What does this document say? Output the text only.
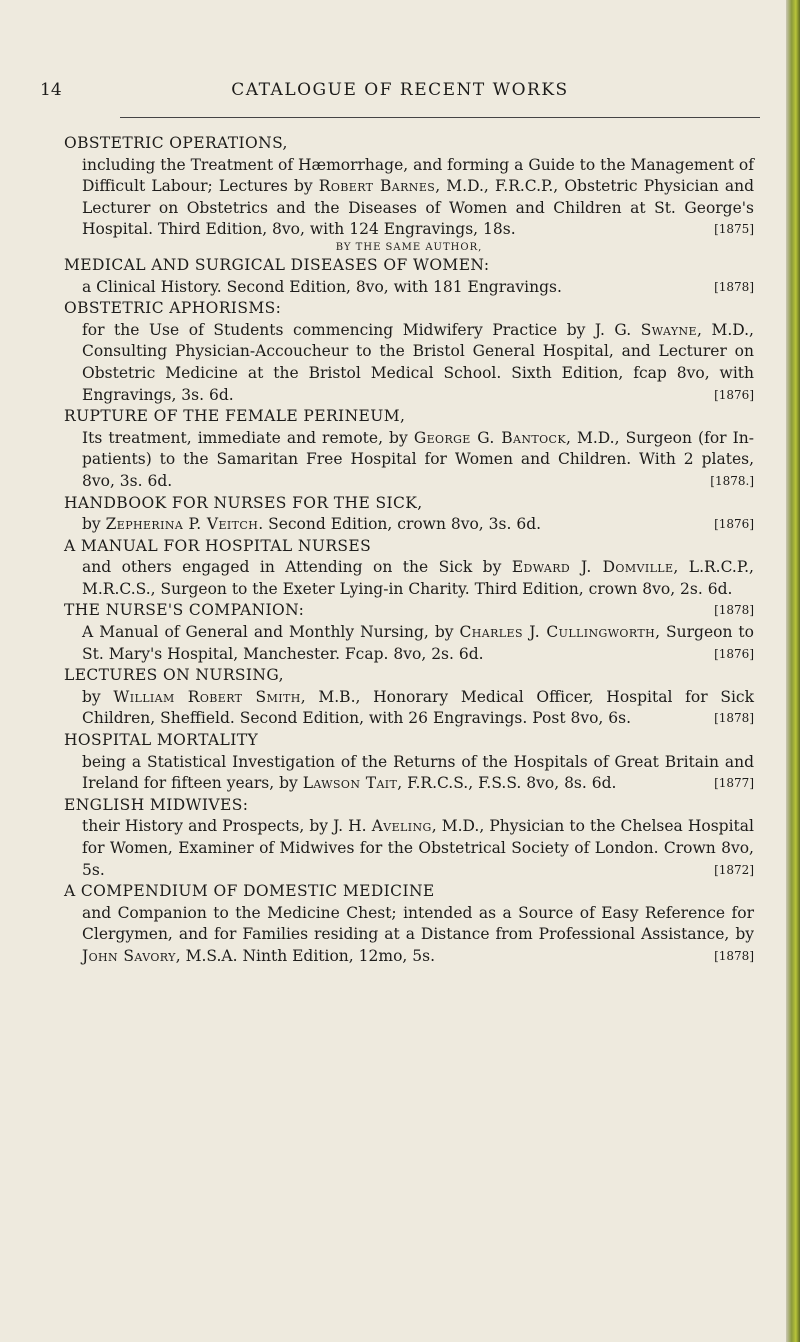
14	CATALOGUE OF RECENT WORKS

OBSTETRIC OPERATIONS,
including the Treatment of Hæmorrhage, and forming a Guide to the Management of Difficult Labour; Lectures by Robert Barnes, M.D., F.R.C.P., Obstetric Physician and Lecturer on Obstetrics and the Diseases of Women and Children at St. George's Hospital. Third Edition, 8vo, with 124 Engravings, 18s.	[1875]
BY THE SAME AUTHOR,

MEDICAL AND SURGICAL DISEASES OF WOMEN:
a Clinical History. Second Edition, 8vo, with 181 Engravings.	[1878]

OBSTETRIC APHORISMS:
for the Use of Students commencing Midwifery Practice by J. G. Swayne, M.D., Consulting Physician-Accoucheur to the Bristol General Hospital, and Lecturer on Obstetric Medicine at the Bristol Medical School. Sixth Edition, fcap 8vo, with Engravings, 3s. 6d.	[1876]

RUPTURE OF THE FEMALE PERINEUM,
Its treatment, immediate and remote, by George G. Bantock, M.D., Surgeon (for In-patients) to the Samaritan Free Hospital for Women and Children. With 2 plates, 8vo, 3s. 6d.	[1878.]

HANDBOOK FOR NURSES FOR THE SICK,
by Zepherina P. Veitch. Second Edition, crown 8vo, 3s. 6d.	[1876]

A MANUAL FOR HOSPITAL NURSES
and others engaged in Attending on the Sick by Edward J. Domville, L.R.C.P., M.R.C.S., Surgeon to the Exeter Lying-in Charity. Third Edition, crown 8vo, 2s. 6d.
[1878]

THE NURSE'S COMPANION:
A Manual of General and Monthly Nursing, by Charles J. Cullingworth, Surgeon to St. Mary's Hospital, Manchester. Fcap. 8vo, 2s. 6d.	[1876]

LECTURES ON NURSING,
by William Robert Smith, M.B., Honorary Medical Officer, Hospital for Sick Children, Sheffield. Second Edition, with 26 Engravings. Post 8vo, 6s.	[1878]

HOSPITAL MORTALITY
being a Statistical Investigation of the Returns of the Hospitals of Great Britain and Ireland for fifteen years, by Lawson Tait, F.R.C.S., F.S.S. 8vo, 8s. 6d.	[1877]

ENGLISH MIDWIVES:
their History and Prospects, by J. H. Aveling, M.D., Physician to the Chelsea Hospital for Women, Examiner of Midwives for the Obstetrical Society of London. Crown 8vo, 5s.	[1872]

A COMPENDIUM OF DOMESTIC MEDICINE
and Companion to the Medicine Chest; intended as a Source of Easy Reference for Clergymen, and for Families residing at a Distance from Professional Assistance, by John Savory, M.S.A. Ninth Edition, 12mo, 5s.	[1878]
